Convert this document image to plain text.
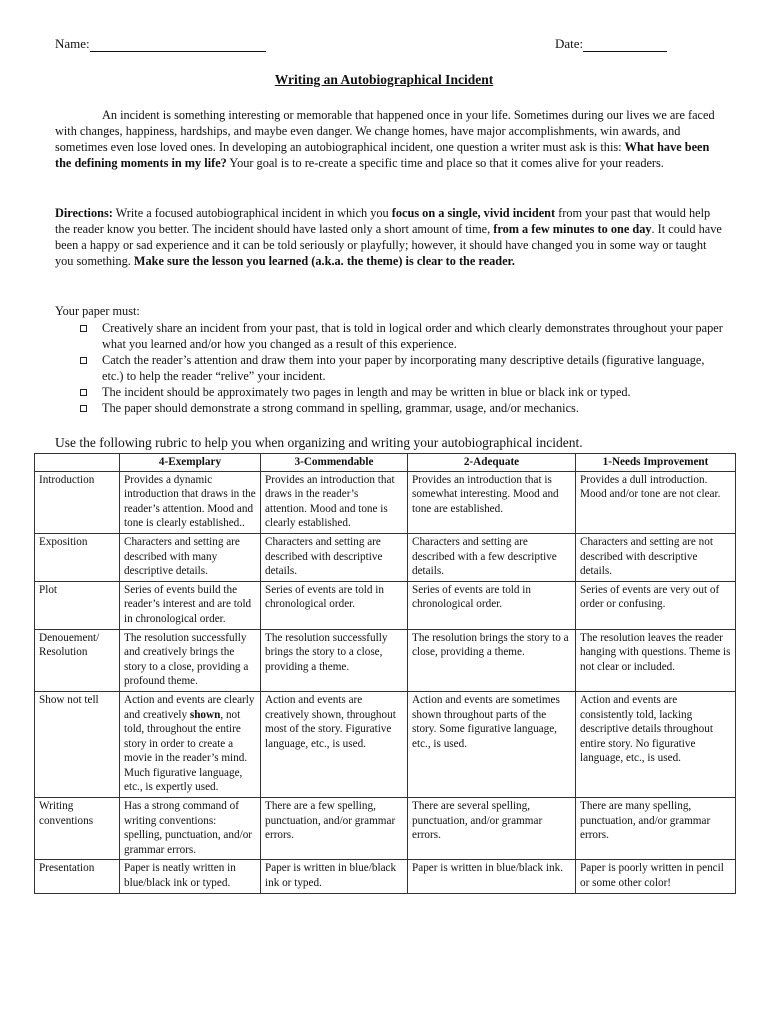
Name:	Date:
Writing an Autobiographical Incident

An incident is something interesting or memorable that happened once in your life. Sometimes during our lives we are faced with changes, happiness, hardships, and maybe even danger. We change homes, have major accomplishments, win awards, and sometimes even lose loved ones. In developing an autobiographical incident, one question a writer must ask is this: What have been the defining moments in my life? Your goal is to re-create a specific time and place so that it comes alive for your readers.

Directions: Write a focused autobiographical incident in which you focus on a single, vivid incident from your past that would help the reader know you better. The incident should have lasted only a short amount of time, from a few minutes to one day. It could have been a happy or sad experience and it can be told seriously or playfully; however, it should have changed you in some way or taught you something. Make sure the lesson you learned (a.k.a. the theme) is clear to the reader.

Your paper must:
Creatively share an incident from your past, that is told in logical order and which clearly demonstrates throughout your paper what you learned and/or how you changed as a result of this experience.
Catch the reader’s attention and draw them into your paper by incorporating many descriptive details (figurative language, etc.) to help the reader “relive” your incident.
The incident should be approximately two pages in length and may be written in blue or black ink or typed.
The paper should demonstrate a strong command in spelling, grammar, usage, and/or mechanics.
Use the following rubric to help you when organizing and writing your autobiographical incident.
	4-Exemplary	3-Commendable	2-Adequate	1-Needs Improvement
Introduction	Provides a dynamic introduction that draws in the reader’s attention. Mood and tone is clearly established..	Provides an introduction that draws in the reader’s attention. Mood and tone is clearly established.	Provides an introduction that is somewhat interesting. Mood and tone are established.	Provides a dull introduction. Mood and/or tone are not clear.
Exposition	Characters and setting are described with many descriptive details.	Characters and setting are described with descriptive details.	Characters and setting are described with a few descriptive details.	Characters and setting are not described with descriptive details.
Plot	Series of events build the reader’s interest and are told in chronological order.	Series of events are told in chronological order.	Series of events are told in chronological order.	Series of events are very out of order or confusing.
Denouement/ Resolution	The resolution successfully and creatively brings the story to a close, providing a profound theme.	The resolution successfully brings the story to a close, providing a theme.	The resolution brings the story to a close, providing a theme.	The resolution leaves the reader hanging with questions. Theme is not clear or included.
Show not tell	Action and events are clearly and creatively shown, not told, throughout the entire story in order to create a movie in the reader’s mind. Much figurative language, etc., is expertly used.	Action and events are creatively shown, throughout most of the story. Figurative language, etc., is used.	Action and events are sometimes shown throughout parts of the story. Some figurative language, etc., is used.	Action and events are consistently told, lacking descriptive details throughout entire story. No figurative language, etc., is used.
Writing conventions	Has a strong command of writing conventions: spelling, punctuation, and/or grammar errors.	There are a few spelling, punctuation, and/or grammar errors.	There are several spelling, punctuation, and/or grammar errors.	There are many spelling, punctuation, and/or grammar errors.
Presentation	Paper is neatly written in blue/black ink or typed.	Paper is written in blue/black ink or typed.	Paper is written in blue/black ink.	Paper is poorly written in pencil or some other color!
